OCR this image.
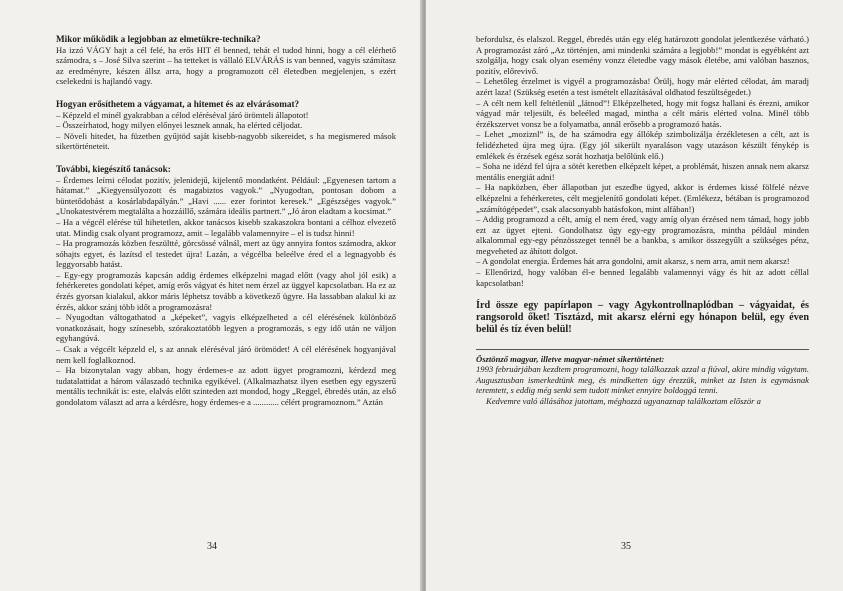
Mikor működik a legjobban az elmetükre-technika?

Ha izzó VÁGY hajt a cél felé, ha erős HIT él benned, tehát el tudod hinni, hogy a cél elérhető számodra, s – José Silva szerint – ha tetteket is vállaló ELVÁRÁS is van benned, vagyis számítasz az eredményre, készen állsz arra, hogy a programozott cél életedben megjelenjen, s ezért cselekedni is hajlandó vagy.

Hogyan erősíthetem a vágyamat, a hitemet és az elvárásomat?

– Képzeld el minél gyakrabban a célod eléréséval járó örömteli állapotot!

– Összeírhatod, hogy milyen előnyei lesznek annak, ha elérted céljodat.

– Növeli hitedet, ha füzetben gyűjtöd saját kisebb-nagyobb sikereidet, s ha megismered mások sikertörténeteit.

További, kiegészítő tanácsok:

– Érdemes leírni célodat pozitív, jelenidejű, kijelentő mondatként. Például: „Egyenesen tartom a hátamat.” „Kiegyensúlyozott és magabiztos vagyok.” „Nyugodtan, pontosan dobom a büntetődobást a kosárlabdapályán.” „Havi ...... ezer forintot keresek.” „Egészséges vagyok.” „Unokatestvérem megtalálta a hozzáillő, számára ideális partnert.” „Jó áron eladtam a kocsimat.”

– Ha a végcél elérése túl hihetetlen, akkor tanácsos kisebb szakaszokra bontani a célhoz elvezető utat. Mindig csak olyant programozz, amit – legalább valamennyire – el is tudsz hinni!

– Ha programozás közben feszültté, görcsössé válnál, mert az ügy annyira fontos számodra, akkor sóhajts egyet, és lazítsd el testedet újra! Lazán, a végcélba beleélve éred el a legnagyobb és leggyorsabb hatást.

– Egy-egy programozás kapcsán addig érdemes elképzelni magad előtt (vagy ahol jól esik) a fehérkeretes gondolati képet, amíg erős vágyat és hitet nem érzel az üggyel kapcsolatban. Ha ez az érzés gyorsan kialakul, akkor máris léphetsz tovább a következő ügyre. Ha lassabban alakul ki az érzés, akkor szánj több időt a programozásra!

– Nyugodtan váltogathatod a „képeket”, vagyis elképzelheted a cél elérésének különböző vonatkozásait, hogy színesebb, szórakoztatóbb legyen a programozás, s egy idő után ne váljon egyhangúvá.

– Csak a végcélt képzeld el, s az annak eléréséval járó örömödet! A cél elérésének hogyanjával nem kell foglalkoznod.

– Ha bizonytalan vagy abban, hogy érdemes-e az adott ügyet programozni, kérdezd meg tudatalattidat a három válaszadó technika egyikével. (Alkalmazhatsz ilyen esetben egy egyszerű mentális technikát is: este, elalvás előtt szinteden azt mondod, hogy „Reggel, ébredés után, az első gondolatom választ ad arra a kérdésre, hogy érdemes-e a ............ célért programoznom.” Aztán

34

befordulsz, és elalszol. Reggel, ébredés után egy elég határozott gondolat jelentkezése várható.) A programozást záró „Az történjen, ami mindenki számára a legjobb!” mondat is egyébként azt szolgálja, hogy csak olyan esemény vonzz életedbe vagy mások életébe, ami valóban hasznos, pozitív, előrevivő.

– Lehetőleg érzelmet is vigyél a programozásba! Örülj, hogy már elérted célodat, ám maradj azért laza! (Szükség esetén a test ismételt ellazításával oldhatod feszültségedet.)

– A célt nem kell feltétlenül „látnod”! Elképzelheted, hogy mit fogsz hallani és érezni, amikor vágyad már teljesült, és beleéled magad, mintha a célt máris elérted volna. Minél több érzékszervet vonsz be a folyamatba, annál erősebb a programozó hatás.

– Lehet „moziznl” is, de ha számodra egy állókép szimbolizálja érzékletesen a célt, azt is felidézheted újra meg újra. (Egy jól sikerült nyaraláson vagy utazáson készült fénykép is emlékek és érzések egész sorát hozhatja belőlünk elő.)

– Soha ne idézd fel újra a sötét keretben elképzelt képet, a problémát, hiszen annak nem akarsz mentális energiát adni!

– Ha napközben, éber állapotban jut eszedbe ügyed, akkor is érdemes kissé fölfelé nézve elképzelni a fehérkeretes, célt megjelenítő gondolati képet. (Emlékezz, bétában is programozod „számítógépedet”, csak alacsonyabb hatásfokon, mint alfában!)

– Addig programozd a célt, amíg el nem éred, vagy amíg olyan érzésed nem támad, hogy jobb ezt az ügyet ejteni. Gondolhatsz úgy egy-egy programozásra, mintha például minden alkalommal egy-egy pénzösszeget tennél be a bankba, s amikor összegyűlt a szükséges pénz, megveheted az áhított dolgot.

– A gondolat energia. Érdemes hát arra gondolni, amit akarsz, s nem arra, amit nem akarsz!

– Ellenőrizd, hogy valóban él-e benned legalább valamennyi vágy és hit az adott céllal kapcsolatban!

Írd össze egy papírlapon – vagy Agykontrollnaplódban – vágyaidat, és rangsorold őket! Tisztázd, mit akarsz elérni egy hónapon belül, egy éven belül és tíz éven belül!

Ösztönző magyar, illetve magyar-német sikertörténet:

1993 februárjában kezdtem programozni, hogy találkozzak azzal a fiúval, akire mindig vágytam. Augusztusban ismerkedtünk meg, és mindketten úgy érezzük, minket az Isten is egymásnak teremtett, s eddig még senki sem tudott minket ennyire boldoggá tenni.

Kedvemre való állásához jutottam, méghozzá ugyanaznap találkoztam először a

35
